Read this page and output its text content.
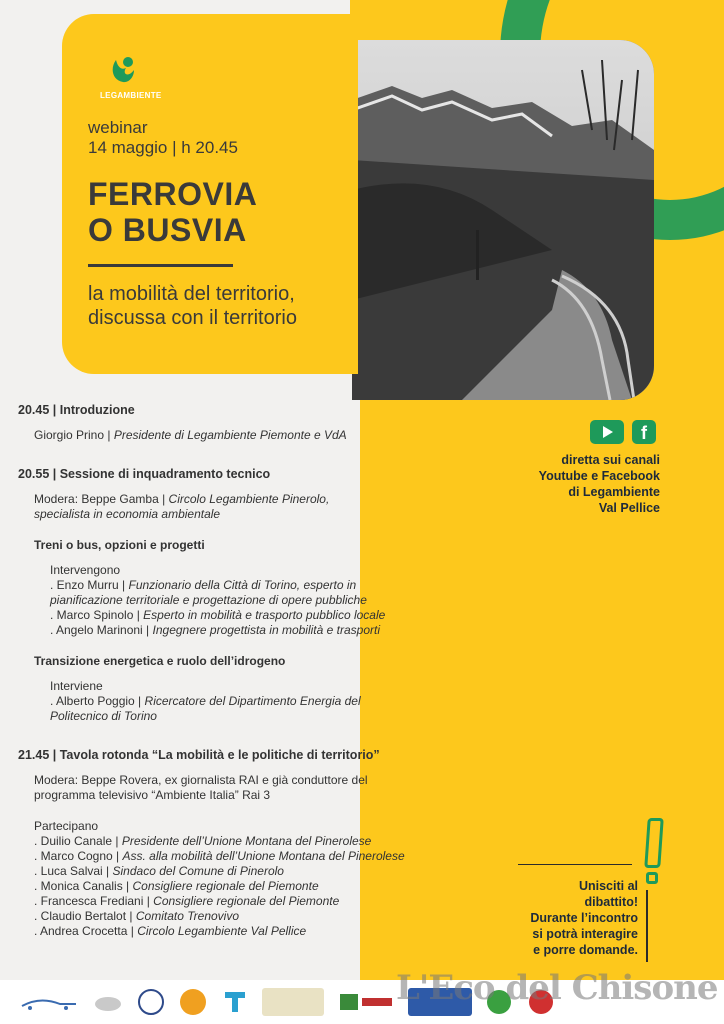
LEGAMBIENTE
webinar
14 maggio | h 20.45
FERROVIA
O BUSVIA
la mobilità del territorio,
discussa con il territorio
20.45 | Introduzione
Giorgio Prino | Presidente di Legambiente Piemonte e VdA
20.55 | Sessione di inquadramento tecnico
Modera: Beppe Gamba | Circolo Legambiente Pinerolo,
specialista in economia ambientale
Treni o bus, opzioni e progetti
Intervengono
. Enzo Murru | Funzionario della Città di Torino, esperto in
pianificazione territoriale e progettazione di opere pubbliche
. Marco Spinolo | Esperto in mobilità e trasporto pubblico locale
. Angelo Marinoni | Ingegnere progettista in mobilità e trasporti
Transizione energetica e ruolo dell’idrogeno
Interviene
. Alberto Poggio | Ricercatore del Dipartimento Energia del
Politecnico di Torino
21.45 | Tavola rotonda “La mobilità e le politiche di territorio”
Modera: Beppe Rovera, ex giornalista RAI e già conduttore del
programma televisivo “Ambiente Italia” Rai 3
Partecipano
. Duilio Canale | Presidente dell’Unione Montana del Pinerolese
. Marco Cogno | Ass. alla mobilità dell’Unione Montana del Pinerolese
. Luca Salvai | Sindaco del Comune di Pinerolo
. Monica Canalis | Consigliere regionale del Piemonte
. Francesca Frediani | Consigliere regionale del Piemonte
. Claudio Bertalot | Comitato Trenovivo
. Andrea Crocetta | Circolo Legambiente Val Pellice
f
diretta sui canali
Youtube e Facebook
di Legambiente
Val Pellice
Unisciti al
dibattito!
Durante l’incontro
si potrà interagire
e porre domande.
L'Eco del Chisone
